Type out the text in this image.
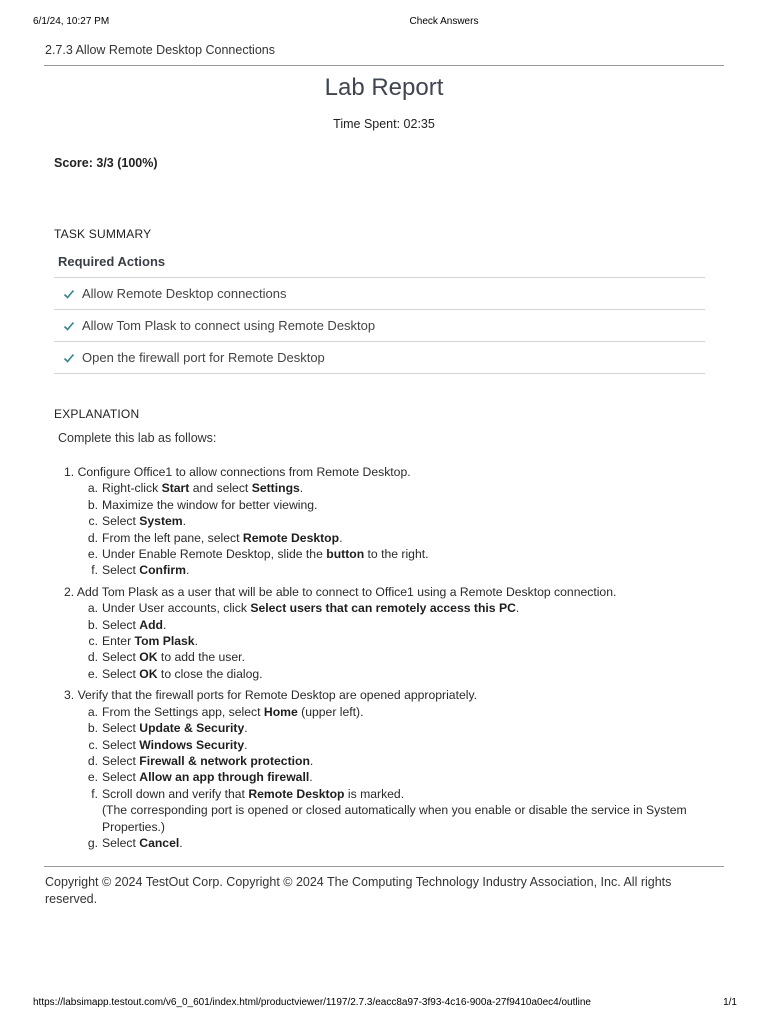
6/1/24, 10:27 PM	Check Answers
2.7.3 Allow Remote Desktop Connections
Lab Report
Time Spent: 02:35
Score: 3/3 (100%)
TASK SUMMARY
Required Actions
Allow Remote Desktop connections
Allow Tom Plask to connect using Remote Desktop
Open the firewall port for Remote Desktop
EXPLANATION
Complete this lab as follows:
1. Configure Office1 to allow connections from Remote Desktop.
a. Right-click Start and select Settings.
b. Maximize the window for better viewing.
c. Select System.
d. From the left pane, select Remote Desktop.
e. Under Enable Remote Desktop, slide the button to the right.
f. Select Confirm.
2. Add Tom Plask as a user that will be able to connect to Office1 using a Remote Desktop connection.
a. Under User accounts, click Select users that can remotely access this PC.
b. Select Add.
c. Enter Tom Plask.
d. Select OK to add the user.
e. Select OK to close the dialog.
3. Verify that the firewall ports for Remote Desktop are opened appropriately.
a. From the Settings app, select Home (upper left).
b. Select Update & Security.
c. Select Windows Security.
d. Select Firewall & network protection.
e. Select Allow an app through firewall.
f. Scroll down and verify that Remote Desktop is marked.
(The corresponding port is opened or closed automatically when you enable or disable the service in System Properties.)
g. Select Cancel.
Copyright © 2024 TestOut Corp. Copyright © 2024 The Computing Technology Industry Association, Inc. All rights reserved.
https://labsimapp.testout.com/v6_0_601/index.html/productviewer/1197/2.7.3/eacc8a97-3f93-4c16-900a-27f9410a0ec4/outline	1/1
